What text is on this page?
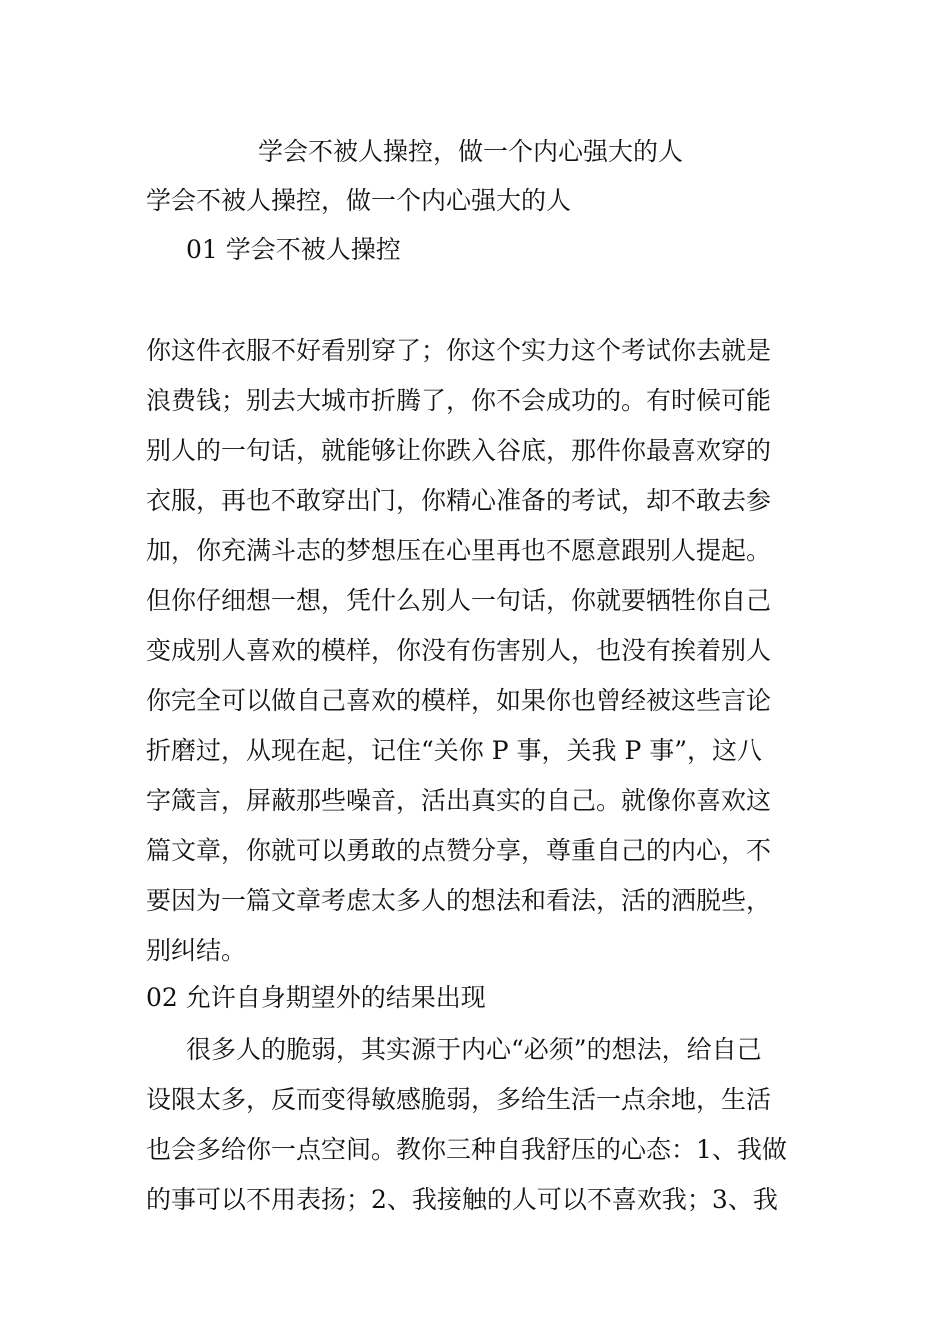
学会不被人操控，做一个内心强大的人
学会不被人操控，做一个内心强大的人
01 学会不被人操控
你这件衣服不好看别穿了；你这个实力这个考试你去就是
浪费钱；别去大城市折腾了，你不会成功的。有时候可能
别人的一句话，就能够让你跌入谷底，那件你最喜欢穿的
衣服，再也不敢穿出门，你精心准备的考试，却不敢去参
加，你充满斗志的梦想压在心里再也不愿意跟别人提起。
但你仔细想一想，凭什么别人一句话，你就要牺牲你自己
变成别人喜欢的模样，你没有伤害别人，也没有挨着别人
你完全可以做自己喜欢的模样，如果你也曾经被这些言论
折磨过，从现在起，记住“关你 P 事，关我 P 事”，这八
字箴言，屏蔽那些噪音，活出真实的自己。就像你喜欢这
篇文章，你就可以勇敢的点赞分享，尊重自己的内心，不
要因为一篇文章考虑太多人的想法和看法，活的洒脱些，
别纠结。
02 允许自身期望外的结果出现
很多人的脆弱，其实源于内心“必须”的想法，给自己
设限太多，反而变得敏感脆弱，多给生活一点余地，生活
也会多给你一点空间。教你三种自我舒压的心态：1、我做
的事可以不用表扬；2、我接触的人可以不喜欢我；3、我
